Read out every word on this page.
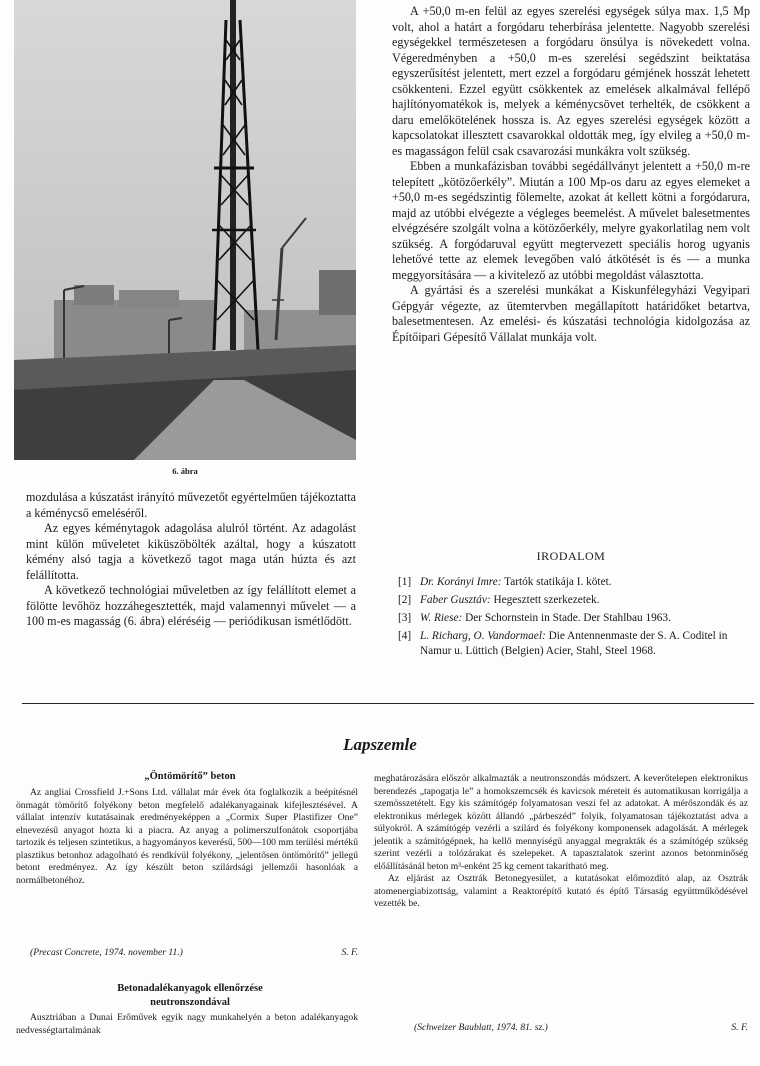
6. ábra

mozdulása a kúszatást irányító művezetőt egyértelműen tájékoztatta a kéménycső emeléséről.

Az egyes kéménytagok adagolása alulról történt. Az adagolást mint külön műveletet kiküszöbölték azáltal, hogy a kúszatott kémény alsó tagja a következő tagot maga után húzta és azt felállította.

A következő technológiai műveletben az így felállított elemet a fölötte levőhöz hozzáhegesztették, majd valamennyi művelet — a 100 m-es magasság (6. ábra) eléréséig — periódikusan ismétlődött.

A +50,0 m-en felül az egyes szerelési egységek súlya max. 1,5 Mp volt, ahol a határt a forgódaru teherbírása jelentette. Nagyobb szerelési egységekkel természetesen a forgódaru önsúlya is növekedett volna. Végeredményben a +50,0 m-es szerelési segédszint beiktatása egyszerűsítést jelentett, mert ezzel a forgódaru gémjének hosszát lehetett csökkenteni. Ezzel együtt csökkentek az emelések alkalmával fellépő hajlítónyomatékok is, melyek a kéménycsövet terhelték, de csökkent a daru emelőkötelének hossza is. Az egyes szerelési egységek között a kapcsolatokat illesztett csavarokkal oldották meg, így elvileg a +50,0 m-es magasságon felül csak csavarozási munkákra volt szükség.

Ebben a munkafázisban további segédállványt jelentett a +50,0 m-re telepített „kötözőerkély”. Miután a 100 Mp-os daru az egyes elemeket a +50,0 m-es segédszintig fölemelte, azokat át kellett kötni a forgódarura, majd az utóbbi elvégezte a végleges beemelést. A művelet balesetmentes elvégzésére szolgált volna a kötözőerkély, melyre gyakorlatilag nem volt szükség. A forgódaruval együtt megtervezett speciális horog ugyanis lehetővé tette az elemek levegőben való átkötését is és — a munka meggyorsítására — a kivitelező az utóbbi megoldást választotta.

A gyártási és a szerelési munkákat a Kiskunfélegyházi Vegyipari Gépgyár végezte, az ütemtervben megállapított határidőket betartva, balesetmentesen. Az emelési- és kúszatási technológia kidolgozása az Építőipari Gépesítő Vállalat munkája volt.

IRODALOM
[1] Dr. Korányi Imre: Tartók statikája I. kötet.
[2] Faber Gusztáv: Hegesztett szerkezetek.
[3] W. Riese: Der Schornstein in Stade. Der Stahlbau 1963.
[4] L. Richarg, O. Vandormael: Die Antennenmaste der S. A. Coditel in Namur u. Lüttich (Belgien) Acier, Stahl, Steel 1968.
Lapszemle
„Öntömörítő” beton

Az angliai Crossfield J.+Sons Ltd. vállalat már évek óta foglalkozik a beépítésnél önmagát tömörítő folyékony beton megfelelő adalékanyagainak kifejlesztésével. A vállalat intenzív kutatásainak eredményeképpen a „Cormix Super Plastifizer One” elnevezésű anyagot hozta ki a piacra. Az anyag a polimerszulfonátok csoportjába tartozik és teljesen szintetikus, a hagyományos keverésű, 500—100 mm terülési mértékű plasztikus betonhoz adagolható és rendkívül folyékony, „jelentősen öntömörítő” jellegű betont eredményez. Az így készült beton szilárdsági jellemzői hasonlóak a normálbetonéhoz.

(Precast Concrete, 1974. november 11.)	S. F.
Betonadalékanyagok ellenőrzése
neutronszondával

Ausztriában a Dunai Erőművek egyik nagy munkahelyén a beton adalékanyagok nedvességtartalmának

meghatározására először alkalmazták a neutronszondás módszert. A keverőtelepen elektronikus berendezés „tapogatja le” a homokszemcsék és kavicsok méreteit és automatikusan korrigálja a szemösszetételt. Egy kis számítógép folyamatosan veszi fel az adatokat. A mérőszondák és az elektronikus mérlegek között állandó „párbeszéd” folyik, folyamatosan tájékoztatást adva a súlyokról. A számítógép vezérli a szilárd és folyékony komponensek adagolását. A mérlegek jelentik a számítógépnek, ha kellő mennyiségű anyaggal megrakták és a számítógép szükség szerint vezérli a tolózárakat és szelepeket. A tapasztalatok szerint azonos betonminőség előállításánál beton m³-enként 25 kg cement takarítható meg.

Az eljárást az Osztrák Betonegyesület, a kutatásokat előmozdító alap, az Osztrák atomenergiabizottság, valamint a Reaktorépítő kutató és építő Társaság együttműködésével vezették be.

(Schweizer Baublatt, 1974. 81. sz.)	S. F.
